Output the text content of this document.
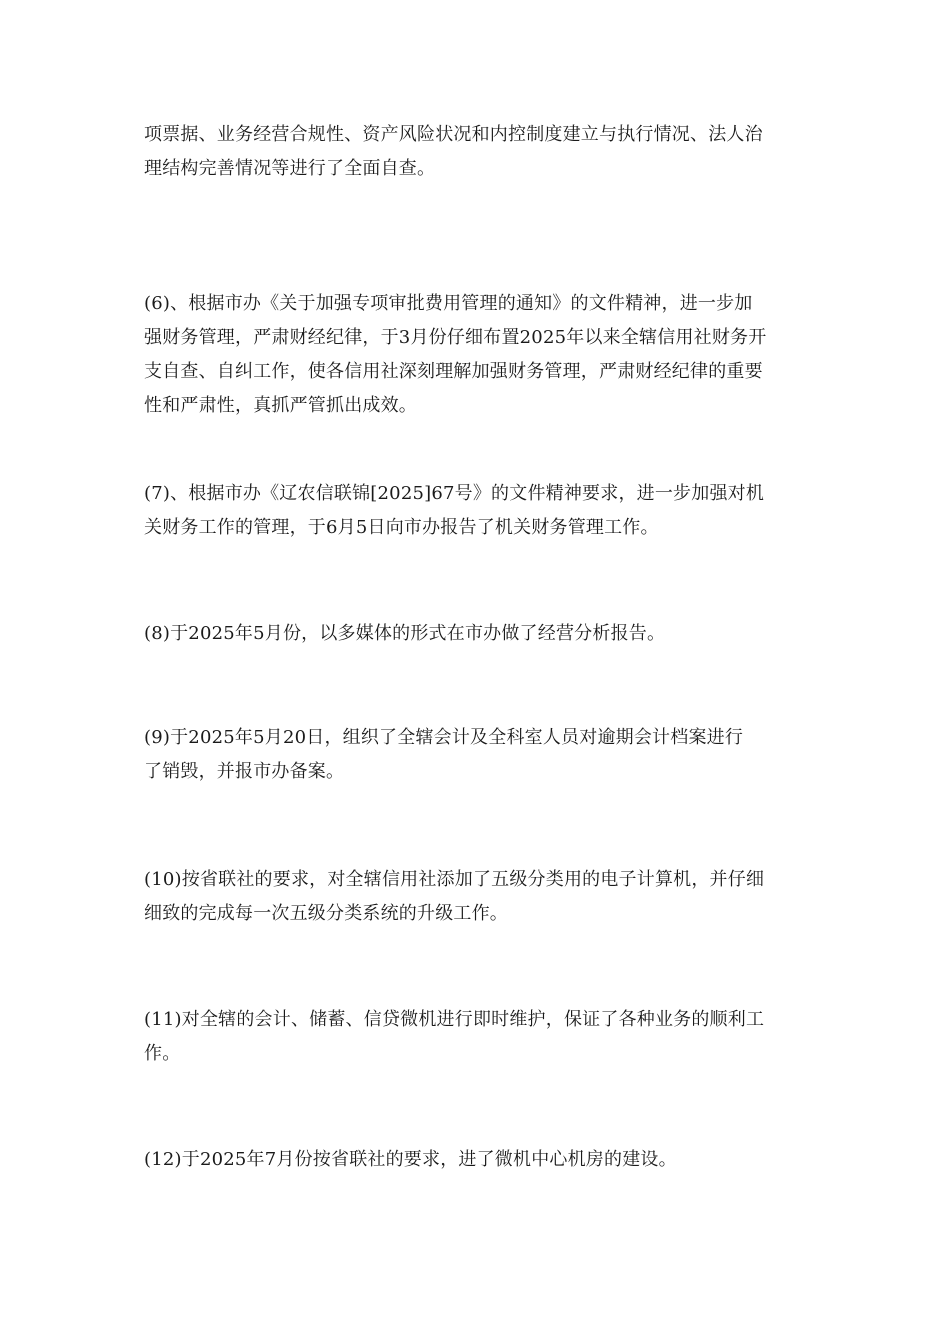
项票据、业务经营合规性、资产风险状况和内控制度建立与执行情况、法人治
理结构完善情况等进行了全面自查。

(6)、根据市办《关于加强专项审批费用管理的通知》的文件精神，进一步加
强财务管理，严肃财经纪律，于3月份仔细布置2025年以来全辖信用社财务开
支自查、自纠工作，使各信用社深刻理解加强财务管理，严肃财经纪律的重要
性和严肃性，真抓严管抓出成效。

(7)、根据市办《辽农信联锦[2025]67号》的文件精神要求，进一步加强对机
关财务工作的管理，于6月5日向市办报告了机关财务管理工作。

(8)于2025年5月份，以多媒体的形式在市办做了经营分析报告。

(9)于2025年5月20日，组织了全辖会计及全科室人员对逾期会计档案进行
了销毁，并报市办备案。

(10)按省联社的要求，对全辖信用社添加了五级分类用的电子计算机，并仔细
细致的完成每一次五级分类系统的升级工作。

(11)对全辖的会计、储蓄、信贷微机进行即时维护，保证了各种业务的顺利工
作。

(12)于2025年7月份按省联社的要求，进了微机中心机房的建设。
